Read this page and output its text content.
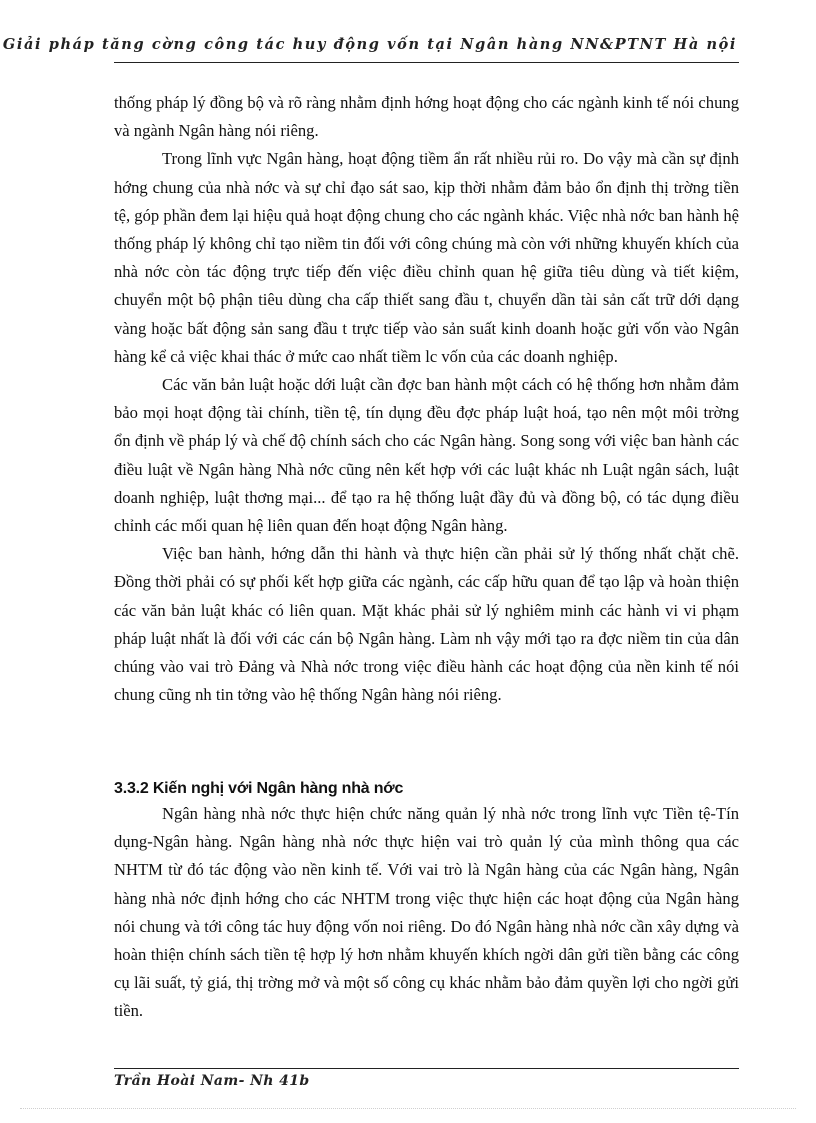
Giải pháp tăng cờng công tác huy động vốn tại Ngân hàng NN&PTNT Hà nội

thống pháp lý đồng bộ và rõ ràng nhằm định hớng hoạt động cho các ngành kinh tế nói chung và ngành Ngân hàng nói riêng.

Trong lĩnh vực Ngân hàng, hoạt động tiềm ẩn rất nhiều rủi ro. Do vậy mà cần sự định hớng chung của nhà nớc và sự chỉ đạo sát sao, kịp thời nhằm đảm bảo ổn định thị trờng tiền tệ, góp phần đem lại hiệu quả hoạt động chung cho các ngành khác. Việc nhà nớc ban hành hệ thống pháp lý không chỉ tạo niềm tin đối với công chúng mà còn với những khuyến khích của nhà nớc còn tác động trực tiếp đến việc điều chỉnh quan hệ giữa tiêu dùng và tiết kiệm, chuyển một bộ phận tiêu dùng cha cấp thiết sang đầu t, chuyển dần tài sản cất trữ dới dạng vàng hoặc bất động sản sang đầu t trực tiếp vào sản suất kinh doanh hoặc gửi vốn vào Ngân hàng kể cả việc khai thác ở mức cao nhất tiềm lc vốn của các doanh nghiệp.

Các văn bản luật hoặc dới luật cần đợc ban hành một cách có hệ thống hơn nhằm đảm bảo mọi hoạt động tài chính, tiền tệ, tín dụng đều đợc pháp luật hoá, tạo nên một môi trờng ổn định về pháp lý và chế độ chính sách cho các Ngân hàng. Song song với việc ban hành các điều luật về Ngân hàng Nhà nớc cũng nên kết hợp với các luật khác nh Luật ngân sách, luật doanh nghiệp, luật thơng mại... để tạo ra hệ thống luật đầy đủ và đồng bộ, có tác dụng điều chỉnh các mối quan hệ liên quan đến hoạt động Ngân hàng.

Việc ban hành, hớng dẫn thi hành và thực hiện cần phải sử lý thống nhất chặt chẽ. Đồng thời phải có sự phối kết hợp giữa các ngành, các cấp hữu quan để tạo lập và hoàn thiện các văn bản luật khác có liên quan. Mặt khác phải sử lý nghiêm minh các hành vi vi phạm pháp luật nhất là đối với các cán bộ Ngân hàng. Làm nh vậy mới tạo ra đợc niềm tin của dân chúng vào vai trò Đảng và Nhà nớc trong việc điều hành các hoạt động của nền kinh tế nói chung cũng nh tin tởng vào hệ thống Ngân hàng nói riêng.

3.3.2 Kiến nghị với Ngân hàng nhà nớc

Ngân hàng nhà nớc thực hiện chức năng quản lý nhà nớc trong lĩnh vực Tiền tệ-Tín dụng-Ngân hàng. Ngân hàng nhà nớc thực hiện vai trò quản lý của mình thông qua các NHTM từ đó tác động vào nền kinh tế. Với vai trò là Ngân hàng của các Ngân hàng, Ngân hàng nhà nớc định hớng cho các NHTM trong việc thực hiện các hoạt động của Ngân hàng nói chung và tới công tác huy động vốn noi riêng. Do đó Ngân hàng nhà nớc cần xây dựng và hoàn thiện chính sách tiền tệ hợp lý hơn nhằm khuyến khích ngời dân gửi tiền bằng các công cụ lãi suất, tỷ giá, thị trờng mở và một số công cụ khác nhằm bảo đảm quyền lợi cho ngời gửi tiền.

Trần Hoài Nam- Nh 41b
